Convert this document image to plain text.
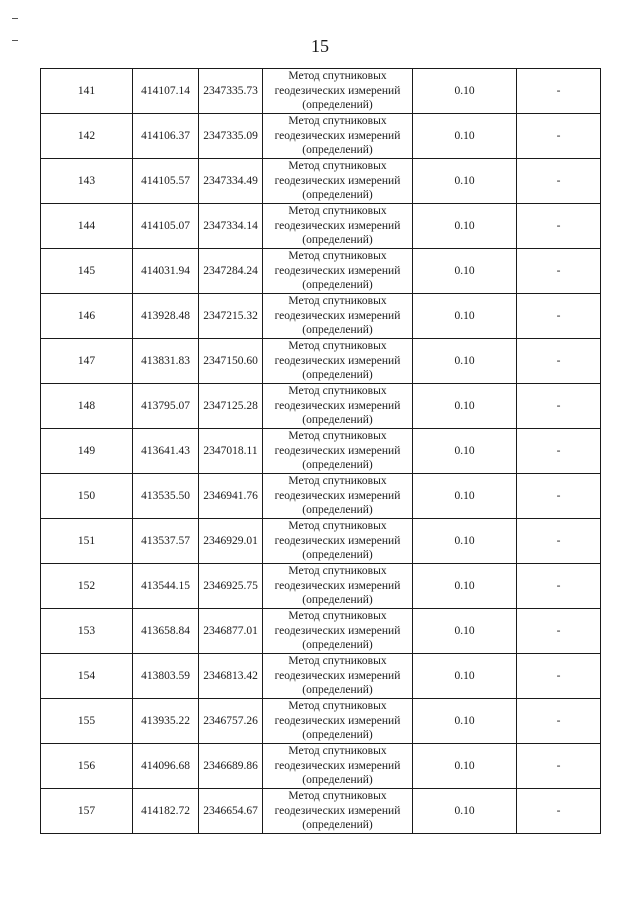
15
141	414107.14	2347335.73	Метод спутниковых
геодезических измерений
(определений)	0.10	-
142	414106.37	2347335.09	Метод спутниковых
геодезических измерений
(определений)	0.10	-
143	414105.57	2347334.49	Метод спутниковых
геодезических измерений
(определений)	0.10	-
144	414105.07	2347334.14	Метод спутниковых
геодезических измерений
(определений)	0.10	-
145	414031.94	2347284.24	Метод спутниковых
геодезических измерений
(определений)	0.10	-
146	413928.48	2347215.32	Метод спутниковых
геодезических измерений
(определений)	0.10	-
147	413831.83	2347150.60	Метод спутниковых
геодезических измерений
(определений)	0.10	-
148	413795.07	2347125.28	Метод спутниковых
геодезических измерений
(определений)	0.10	-
149	413641.43	2347018.11	Метод спутниковых
геодезических измерений
(определений)	0.10	-
150	413535.50	2346941.76	Метод спутниковых
геодезических измерений
(определений)	0.10	-
151	413537.57	2346929.01	Метод спутниковых
геодезических измерений
(определений)	0.10	-
152	413544.15	2346925.75	Метод спутниковых
геодезических измерений
(определений)	0.10	-
153	413658.84	2346877.01	Метод спутниковых
геодезических измерений
(определений)	0.10	-
154	413803.59	2346813.42	Метод спутниковых
геодезических измерений
(определений)	0.10	-
155	413935.22	2346757.26	Метод спутниковых
геодезических измерений
(определений)	0.10	-
156	414096.68	2346689.86	Метод спутниковых
геодезических измерений
(определений)	0.10	-
157	414182.72	2346654.67	Метод спутниковых
геодезических измерений
(определений)	0.10	-
